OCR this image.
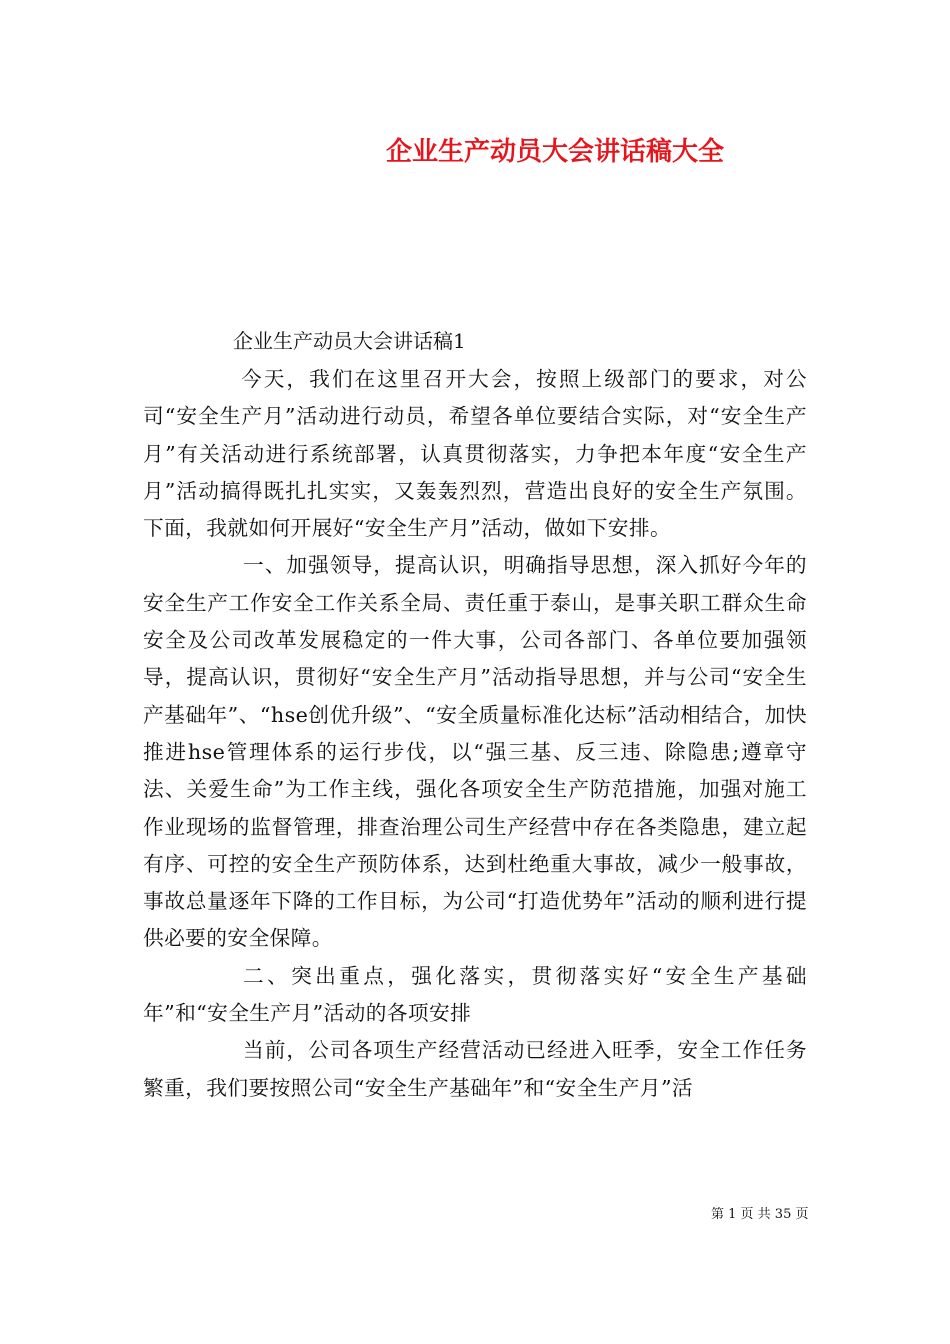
企业生产动员大会讲话稿大全
企业生产动员大会讲话稿1

今天，我们在这里召开大会，按照上级部门的要求，对公司“安全生产月”活动进行动员，希望各单位要结合实际，对“安全生产月”有关活动进行系统部署，认真贯彻落实，力争把本年度“安全生产月”活动搞得既扎扎实实，又轰轰烈烈，营造出良好的安全生产氛围。下面，我就如何开展好“安全生产月”活动，做如下安排。

一、加强领导，提高认识，明确指导思想，深入抓好今年的安全生产工作安全工作关系全局、责任重于泰山，是事关职工群众生命安全及公司改革发展稳定的一件大事，公司各部门、各单位要加强领导，提高认识，贯彻好“安全生产月”活动指导思想，并与公司“安全生产基础年”、“hse创优升级”、“安全质量标准化达标”活动相结合，加快推进hse管理体系的运行步伐，以“强三基、反三违、除隐患;遵章守法、关爱生命”为工作主线，强化各项安全生产防范措施，加强对施工作业现场的监督管理，排查治理公司生产经营中存在各类隐患，建立起有序、可控的安全生产预防体系，达到杜绝重大事故，减少一般事故，事故总量逐年下降的工作目标，为公司“打造优势年”活动的顺利进行提供必要的安全保障。

二、突出重点，强化落实，贯彻落实好“安全生产基础年”和“安全生产月”活动的各项安排

当前，公司各项生产经营活动已经进入旺季，安全工作任务繁重，我们要按照公司“安全生产基础年”和“安全生产月”活

第 1 页 共 35 页
